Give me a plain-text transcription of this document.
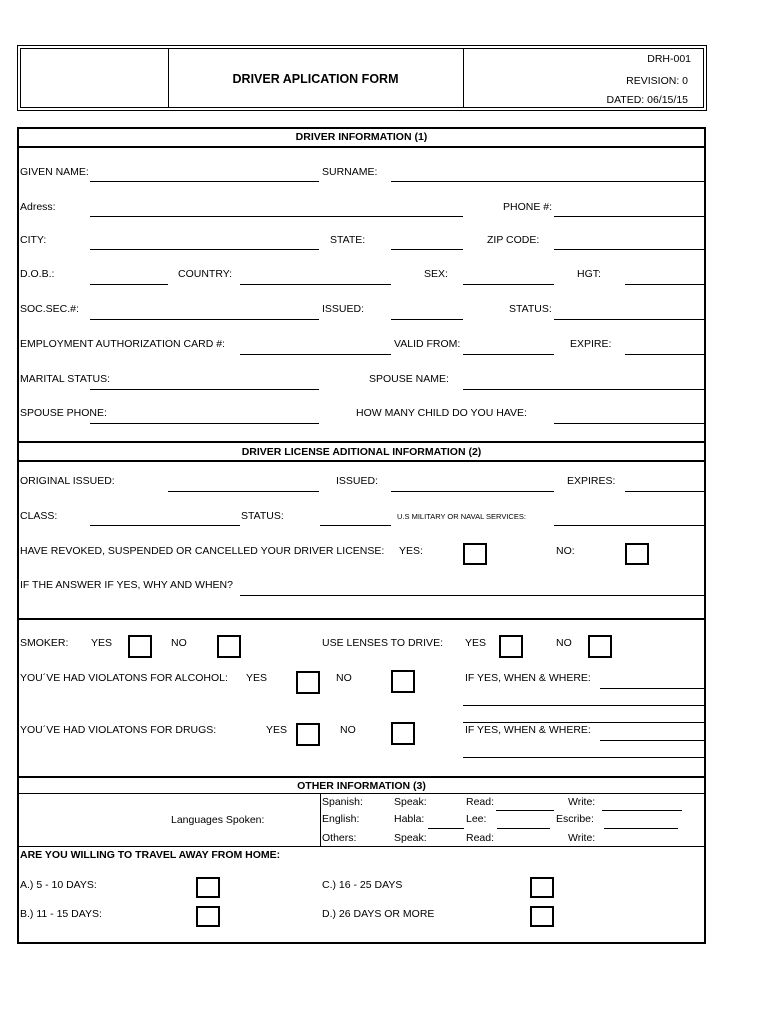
DRIVER APLICATION FORM
DRH-001
REVISION: 0
DATED: 06/15/15
DRIVER INFORMATION (1)
GIVEN NAME:	SURNAME:
Adress:	PHONE #:
CITY:	STATE:	ZIP CODE:
D.O.B.:	COUNTRY:	SEX:	HGT:
SOC.SEC.#:	ISSUED:	STATUS:
EMPLOYMENT AUTHORIZATION CARD #:	VALID FROM:	EXPIRE:
MARITAL STATUS:	SPOUSE NAME:
SPOUSE PHONE:	HOW MANY CHILD DO YOU HAVE:
DRIVER LICENSE ADITIONAL INFORMATION (2)
ORIGINAL ISSUED:	ISSUED:	EXPIRES:
CLASS:	STATUS:	U.S MILITARY OR NAVAL SERVICES:
HAVE REVOKED, SUSPENDED OR CANCELLED YOUR DRIVER LICENSE: YES:	NO:
IF THE ANSWER IF YES, WHY AND WHEN?
SMOKER: YES	NO	USE LENSES TO DRIVE: YES	NO
YOU´VE HAD VIOLATONS FOR ALCOHOL: YES	NO	IF YES, WHEN & WHERE:
YOU´VE HAD VIOLATONS FOR DRUGS:	YES	NO	IF YES, WHEN & WHERE:
OTHER INFORMATION (3)
Languages Spoken:
Spanish:	Speak:	Read:	Write:
English:	Habla:	Lee:	Escribe:
Others:	Speak:	Read:	Write:
ARE YOU WILLING TO TRAVEL AWAY FROM HOME:
A.) 5 - 10 DAYS:	C.) 16 - 25 DAYS
B.) 11 - 15 DAYS:	D.) 26 DAYS OR MORE
